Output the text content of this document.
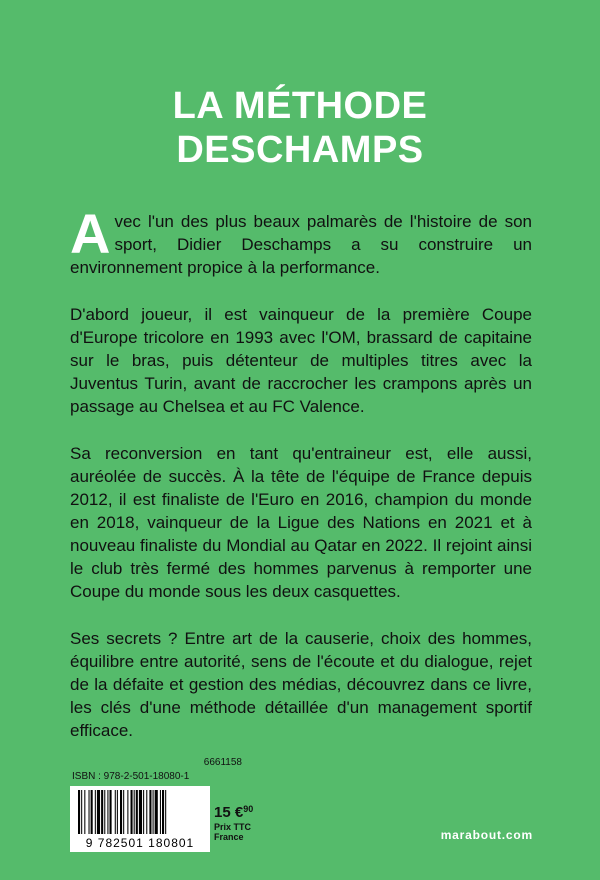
LA MÉTHODE
DESCHAMPS

Avec l'un des plus beaux palmarès de l'histoire de son sport, Didier Deschamps a su construire un environnement propice à la performance.

D'abord joueur, il est vainqueur de la première Coupe d'Europe tricolore en 1993 avec l'OM, brassard de capitaine sur le bras, puis détenteur de multiples titres avec la Juventus Turin, avant de raccrocher les crampons après un passage au Chelsea et au FC Valence.

Sa reconversion en tant qu'entraineur est, elle aussi, auréolée de succès. À la tête de l'équipe de France depuis 2012, il est finaliste de l'Euro en 2016, champion du monde en 2018, vainqueur de la Ligue des Nations en 2021 et à nouveau finaliste du Mondial au Qatar en 2022. Il rejoint ainsi le club très fermé des hommes parvenus à remporter une Coupe du monde sous les deux casquettes.

Ses secrets ? Entre art de la causerie, choix des hommes, équilibre entre autorité, sens de l'écoute et du dialogue, rejet de la défaite et gestion des médias, découvrez dans ce livre, les clés d'une méthode détaillée d'un management sportif efficace.

6661158
ISBN : 978-2-501-18080-1
9 782501 180801
15 €$^{90}$
Prix TTC
France	marabout.com
